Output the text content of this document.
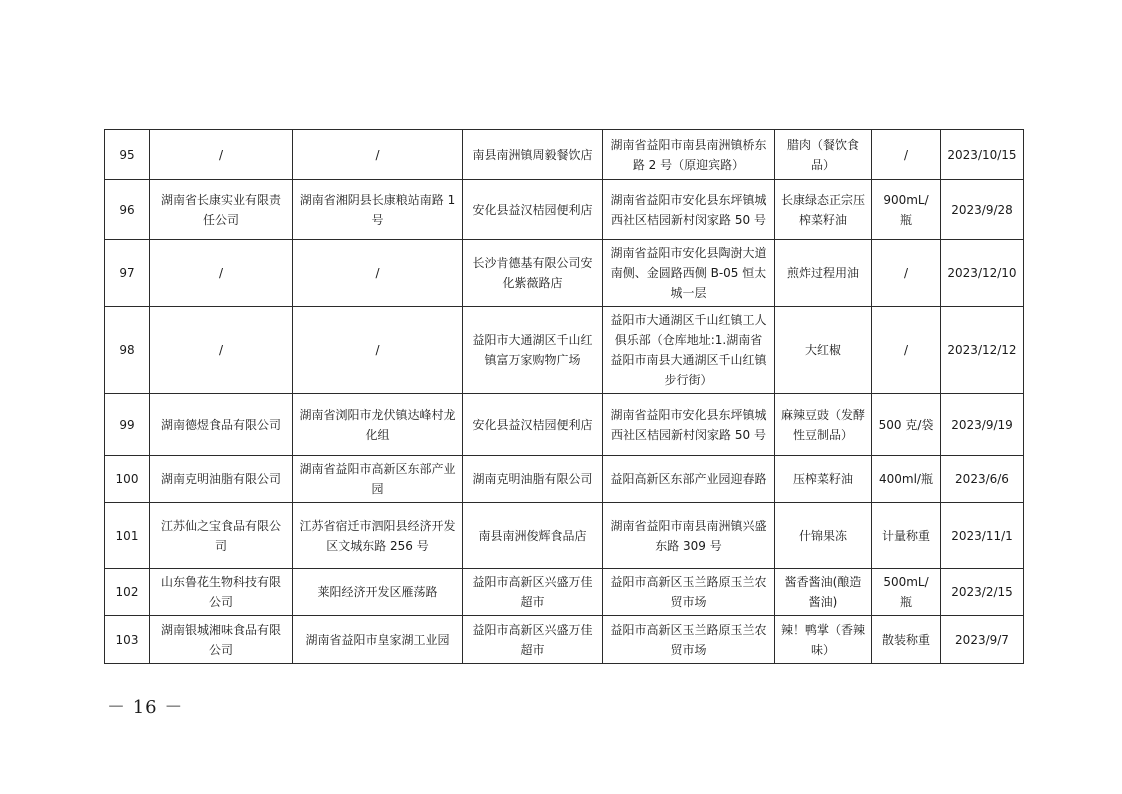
95	/	/	南县南洲镇周毅餐饮店	湖南省益阳市南县南洲镇桥东路 2 号（原迎宾路）	腊肉（餐饮食品）	/	2023/10/15
96	湖南省长康实业有限责任公司	湖南省湘阴县长康粮站南路 1 号	安化县益汉桔园便利店	湖南省益阳市安化县东坪镇城西社区桔园新村闵家路 50 号	长康绿态正宗压榨菜籽油	900mL/瓶	2023/9/28
97	/	/	长沙肯德基有限公司安化紫薇路店	湖南省益阳市安化县陶澍大道南侧、金圆路西侧 B-05 恒太城一层	煎炸过程用油	/	2023/12/10
98	/	/	益阳市大通湖区千山红镇富万家购物广场	益阳市大通湖区千山红镇工人俱乐部（仓库地址:1.湖南省益阳市南县大通湖区千山红镇步行街）	大红椒	/	2023/12/12
99	湖南德煜食品有限公司	湖南省浏阳市龙伏镇达峰村龙化组	安化县益汉桔园便利店	湖南省益阳市安化县东坪镇城西社区桔园新村闵家路 50 号	麻辣豆豉（发酵性豆制品）	500 克/袋	2023/9/19
100	湖南克明油脂有限公司	湖南省益阳市高新区东部产业园	湖南克明油脂有限公司	益阳高新区东部产业园迎春路	压榨菜籽油	400ml/瓶	2023/6/6
101	江苏仙之宝食品有限公司	江苏省宿迁市泗阳县经济开发区文城东路 256 号	南县南洲俊辉食品店	湖南省益阳市南县南洲镇兴盛东路 309 号	什锦果冻	计量称重	2023/11/1
102	山东鲁花生物科技有限公司	莱阳经济开发区雁荡路	益阳市高新区兴盛万佳超市	益阳市高新区玉兰路原玉兰农贸市场	酱香酱油(酿造酱油)	500mL/瓶	2023/2/15
103	湖南银城湘味食品有限公司	湖南省益阳市皇家湖工业园	益阳市高新区兴盛万佳超市	益阳市高新区玉兰路原玉兰农贸市场	辣！鸭掌（香辣味）	散装称重	2023/9/7
－ 16 －
